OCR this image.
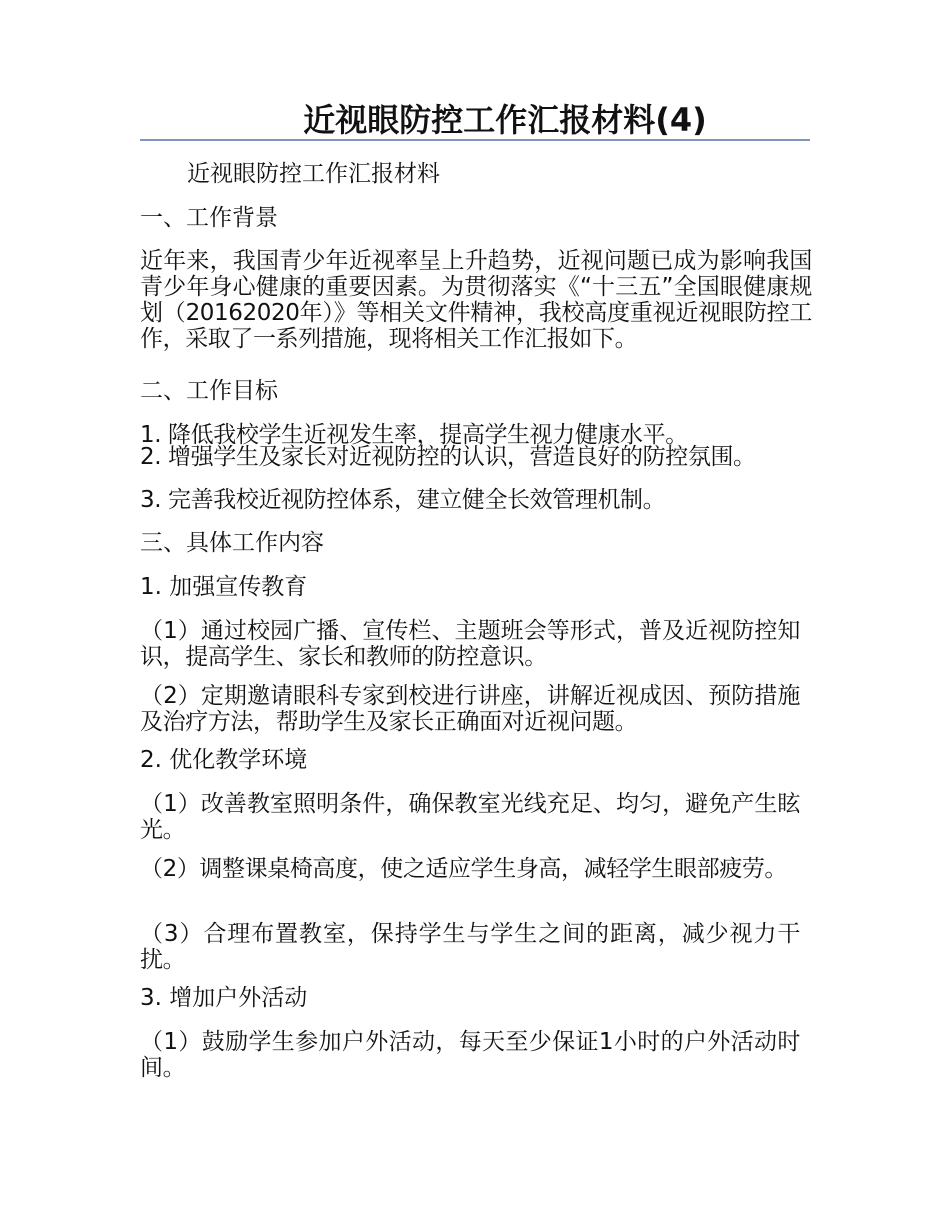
近视眼防控工作汇报材料(4)
近视眼防控工作汇报材料
一、工作背景
近年来，我国青少年近视率呈上升趋势，近视问题已成为影响我国青少年身心健康的重要因素。为贯彻落实《“十三五”全国眼健康规划（20162020年）》等相关文件精神，我校高度重视近视眼防控工作，采取了一系列措施，现将相关工作汇报如下。
二、工作目标
1. 降低我校学生近视发生率，提高学生视力健康水平。
2. 增强学生及家长对近视防控的认识，营造良好的防控氛围。
3. 完善我校近视防控体系，建立健全长效管理机制。
三、具体工作内容
1. 加强宣传教育
（1）通过校园广播、宣传栏、主题班会等形式，普及近视防控知识，提高学生、家长和教师的防控意识。
（2）定期邀请眼科专家到校进行讲座，讲解近视成因、预防措施及治疗方法，帮助学生及家长正确面对近视问题。
2. 优化教学环境
（1）改善教室照明条件，确保教室光线充足、均匀，避免产生眩光。
（2）调整课桌椅高度，使之适应学生身高，减轻学生眼部疲劳。
（3）合理布置教室，保持学生与学生之间的距离，减少视力干扰。
3. 增加户外活动
（1）鼓励学生参加户外活动，每天至少保证1小时的户外活动时间。
